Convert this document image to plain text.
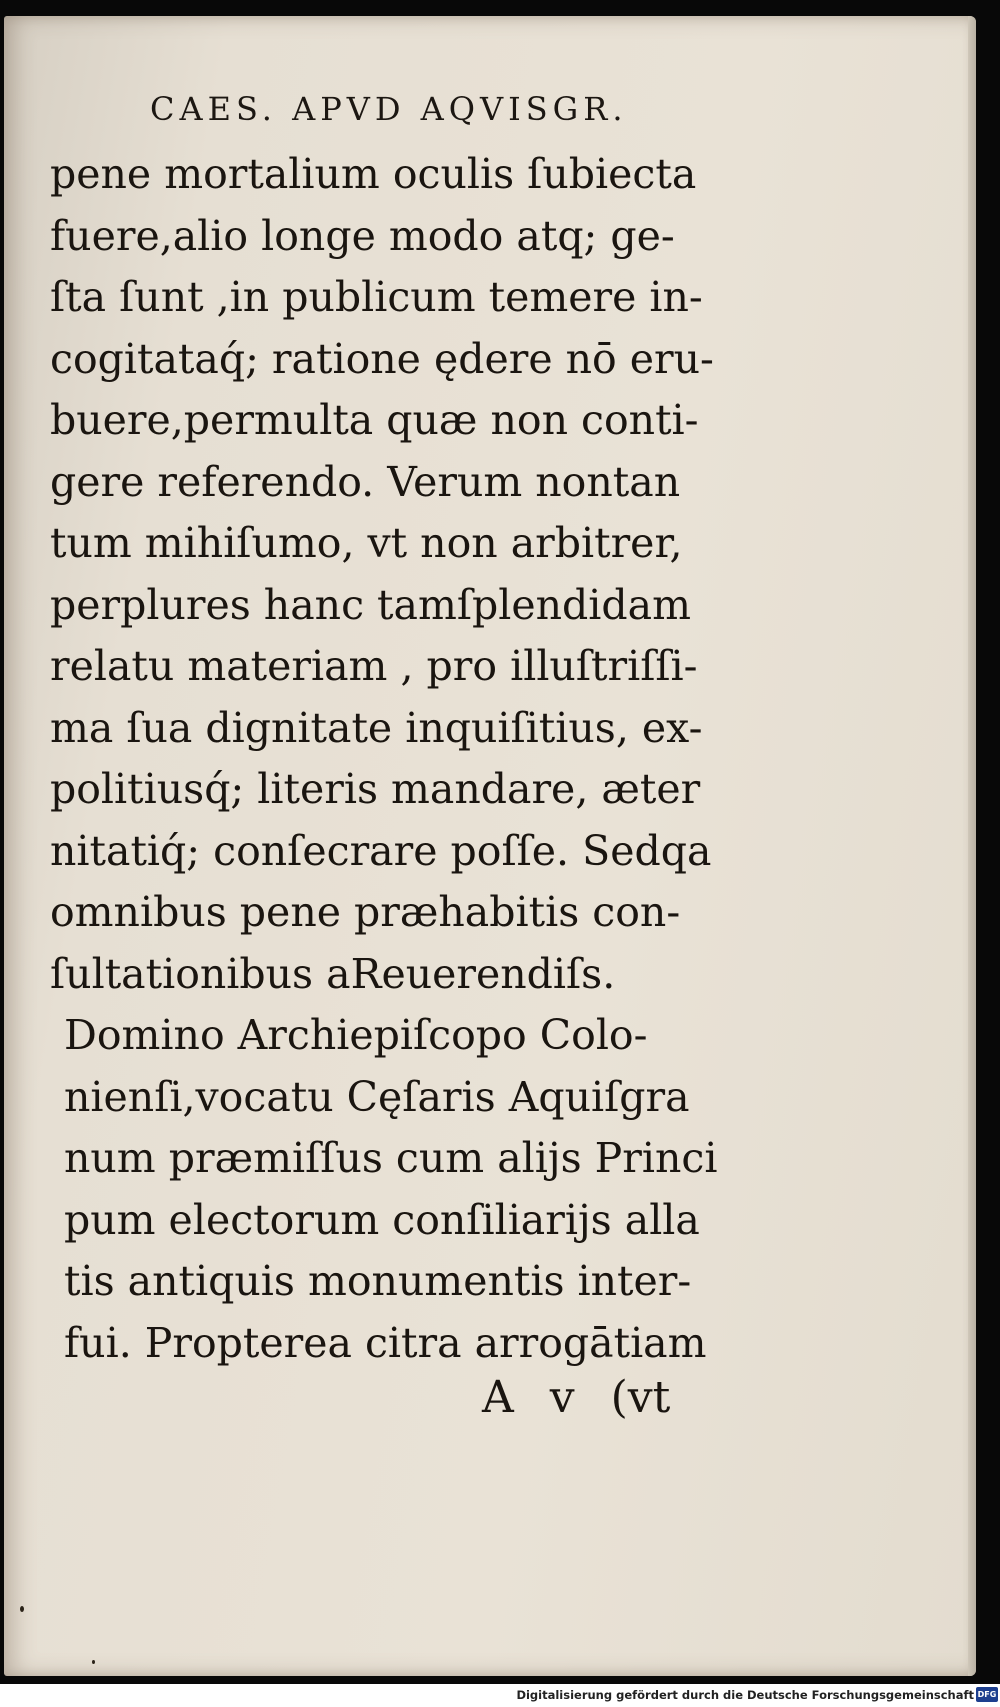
CAES. APVD AQVISGR.
pene mortalium oculis ſubiecta
fuere,alio longe modo atq; ge-
ſta ſunt ,in publicum temere in-
cogitataq́; ratione ędere nō eru-
buere,permulta quæ non conti-
gere referendo. Verum nontan
tum mihiſumo, vt non arbitrer,
perplures hanc tamſplendidam
relatu materiam , pro illuſtriſſi-
ma ſua dignitate inquiſitius, ex-
politiusq́; literis mandare, æter
nitatiq́; conſecrare poſſe. Sedqa
omnibus pene præhabitis con-
ſultationibus aReuerendiſs.
Domino Archiepiſcopo Colo-
nienſi,vocatu Cęſaris Aquiſgra
num præmiſſus cum alijs Princi
pum electorum conſiliarijs alla
tis antiquis monumentis inter-
fui. Propterea citra arrogātiam
A v (vt
Digitalisierung gefördert durch die Deutsche Forschungsgemeinschaft DFG
